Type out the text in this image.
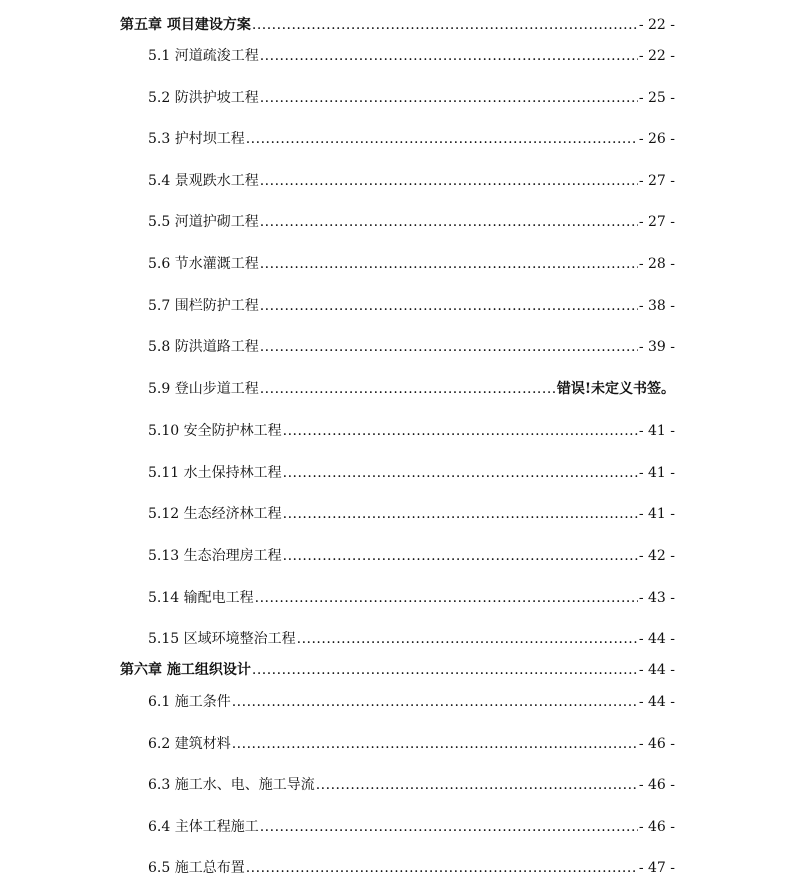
第五章 项目建设方案 .....	- 22 -
5.1 河道疏浚工程 .....	- 22 -
5.2 防洪护坡工程 .....	- 25 -
5.3 护村坝工程 .....	- 26 -
5.4 景观跌水工程 .....	- 27 -
5.5 河道护砌工程 .....	- 27 -
5.6 节水灌溉工程 .....	- 28 -
5.7 围栏防护工程 .....	- 38 -
5.8 防洪道路工程 .....	- 39 -
5.9 登山步道工程 .....	错误!未定义书签。
5.10 安全防护林工程 .....	- 41 -
5.11 水土保持林工程 .....	- 41 -
5.12 生态经济林工程 .....	- 41 -
5.13 生态治理房工程 .....	- 42 -
5.14 输配电工程 .....	- 43 -
5.15 区域环境整治工程 .....	- 44 -
第六章 施工组织设计 .....	- 44 -
6.1 施工条件 .....	- 44 -
6.2 建筑材料 .....	- 46 -
6.3 施工水、电、施工导流 .....	- 46 -
6.4 主体工程施工 .....	- 46 -
6.5 施工总布置 .....	- 47 -
